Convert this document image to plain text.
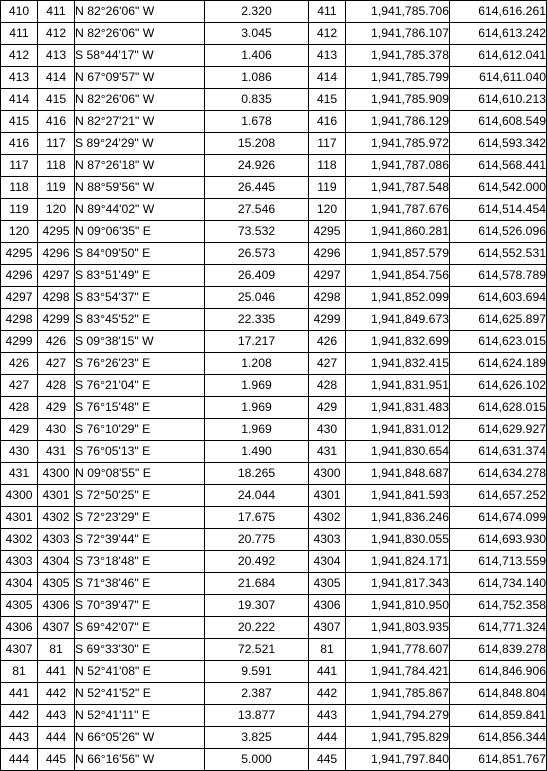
410	411	N 82°26'06" W	2.320	411	1,941,785.706	614,616.261
411	412	N 82°26'06" W	3.045	412	1,941,786.107	614,613.242
412	413	S 58°44'17" W	1.406	413	1,941,785.378	614,612.041
413	414	N 67°09'57" W	1.086	414	1,941,785.799	614,611.040
414	415	N 82°26'06" W	0.835	415	1,941,785.909	614,610.213
415	416	N 82°27'21" W	1.678	416	1,941,786.129	614,608.549
416	117	S 89°24'29" W	15.208	117	1,941,785.972	614,593.342
117	118	N 87°26'18" W	24.926	118	1,941,787.086	614,568.441
118	119	N 88°59'56" W	26.445	119	1,941,787.548	614,542.000
119	120	N 89°44'02" W	27.546	120	1,941,787.676	614,514.454
120	4295	N 09°06'35" E	73.532	4295	1,941,860.281	614,526.096
4295	4296	S 84°09'50" E	26.573	4296	1,941,857.579	614,552.531
4296	4297	S 83°51'49" E	26.409	4297	1,941,854.756	614,578.789
4297	4298	S 83°54'37" E	25.046	4298	1,941,852.099	614,603.694
4298	4299	S 83°45'52" E	22.335	4299	1,941,849.673	614,625.897
4299	426	S 09°38'15" W	17.217	426	1,941,832.699	614,623.015
426	427	S 76°26'23" E	1.208	427	1,941,832.415	614,624.189
427	428	S 76°21'04" E	1.969	428	1,941,831.951	614,626.102
428	429	S 76°15'48" E	1.969	429	1,941,831.483	614,628.015
429	430	S 76°10'29" E	1.969	430	1,941,831.012	614,629.927
430	431	S 76°05'13" E	1.490	431	1,941,830.654	614,631.374
431	4300	N 09°08'55" E	18.265	4300	1,941,848.687	614,634.278
4300	4301	S 72°50'25" E	24.044	4301	1,941,841.593	614,657.252
4301	4302	S 72°23'29" E	17.675	4302	1,941,836.246	614,674.099
4302	4303	S 72°39'44" E	20.775	4303	1,941,830.055	614,693.930
4303	4304	S 73°18'48" E	20.492	4304	1,941,824.171	614,713.559
4304	4305	S 71°38'46" E	21.684	4305	1,941,817.343	614,734.140
4305	4306	S 70°39'47" E	19.307	4306	1,941,810.950	614,752.358
4306	4307	S 69°42'07" E	20.222	4307	1,941,803.935	614,771.324
4307	81	S 69°33'30" E	72.521	81	1,941,778.607	614,839.278
81	441	N 52°41'08" E	9.591	441	1,941,784.421	614,846.906
441	442	N 52°41'52" E	2.387	442	1,941,785.867	614,848.804
442	443	N 52°41'11" E	13.877	443	1,941,794.279	614,859.841
443	444	N 66°05'26" W	3.825	444	1,941,795.829	614,856.344
444	445	N 66°16'56" W	5.000	445	1,941,797.840	614,851.767
